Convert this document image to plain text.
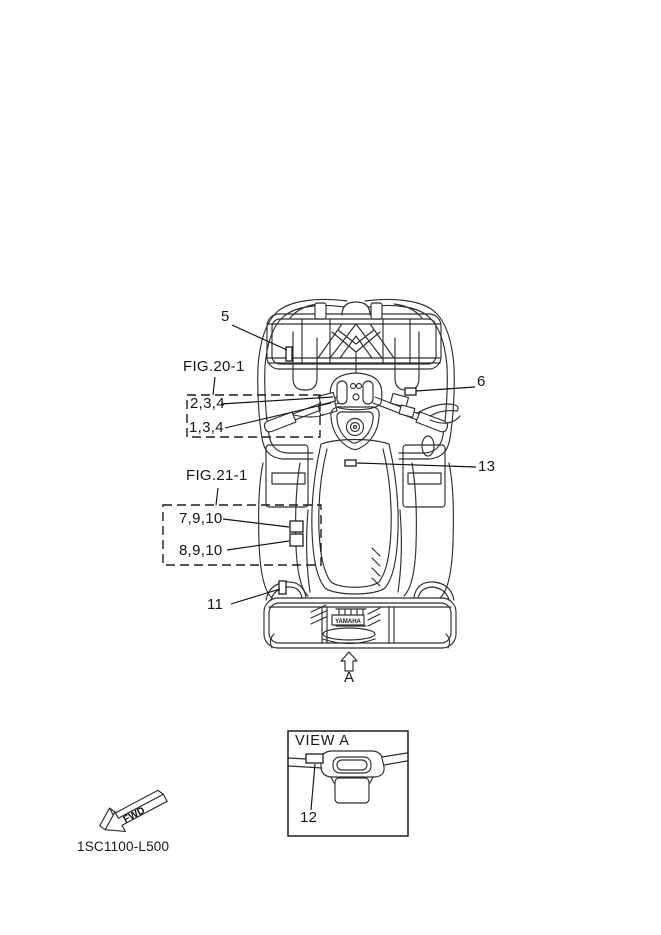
YAMAHA
FWD
5
FIG.20-1
2,3,4
1,3,4
6
13
FIG.21-1
7,9,10
8,9,10
11
A
VIEW A
12
1SC1100-L500
